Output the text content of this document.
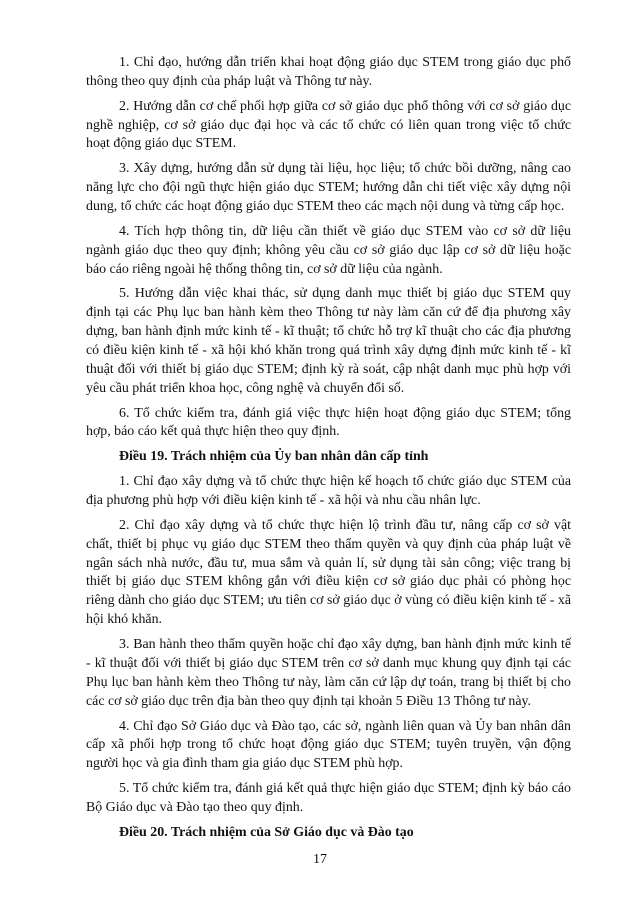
1. Chỉ đạo, hướng dẫn triển khai hoạt động giáo dục STEM trong giáo dục phổ thông theo quy định của pháp luật và Thông tư này.

2. Hướng dẫn cơ chế phối hợp giữa cơ sở giáo dục phổ thông với cơ sở giáo dục nghề nghiệp, cơ sở giáo dục đại học và các tổ chức có liên quan trong việc tổ chức hoạt động giáo dục STEM.

3. Xây dựng, hướng dẫn sử dụng tài liệu, học liệu; tổ chức bồi dưỡng, nâng cao năng lực cho đội ngũ thực hiện giáo dục STEM; hướng dẫn chi tiết việc xây dựng nội dung, tổ chức các hoạt động giáo dục STEM theo các mạch nội dung và từng cấp học.

4. Tích hợp thông tin, dữ liệu cần thiết về giáo dục STEM vào cơ sở dữ liệu ngành giáo dục theo quy định; không yêu cầu cơ sở giáo dục lập cơ sở dữ liệu hoặc báo cáo riêng ngoài hệ thống thông tin, cơ sở dữ liệu của ngành.

5. Hướng dẫn việc khai thác, sử dụng danh mục thiết bị giáo dục STEM quy định tại các Phụ lục ban hành kèm theo Thông tư này làm căn cứ để địa phương xây dựng, ban hành định mức kinh tế - kĩ thuật; tổ chức hỗ trợ kĩ thuật cho các địa phương có điều kiện kinh tế - xã hội khó khăn trong quá trình xây dựng định mức kinh tế - kĩ thuật đối với thiết bị giáo dục STEM; định kỳ rà soát, cập nhật danh mục phù hợp với yêu cầu phát triển khoa học, công nghệ và chuyển đổi số.

6. Tổ chức kiểm tra, đánh giá việc thực hiện hoạt động giáo dục STEM; tổng hợp, báo cáo kết quả thực hiện theo quy định.

Điều 19. Trách nhiệm của Ủy ban nhân dân cấp tỉnh

1. Chỉ đạo xây dựng và tổ chức thực hiện kế hoạch tổ chức giáo dục STEM của địa phương phù hợp với điều kiện kinh tế - xã hội và nhu cầu nhân lực.

2. Chỉ đạo xây dựng và tổ chức thực hiện lộ trình đầu tư, nâng cấp cơ sở vật chất, thiết bị phục vụ giáo dục STEM theo thẩm quyền và quy định của pháp luật về ngân sách nhà nước, đầu tư, mua sắm và quản lí, sử dụng tài sản công; việc trang bị thiết bị giáo dục STEM không gắn với điều kiện cơ sở giáo dục phải có phòng học riêng dành cho giáo dục STEM; ưu tiên cơ sở giáo dục ở vùng có điều kiện kinh tế - xã hội khó khăn.

3. Ban hành theo thẩm quyền hoặc chỉ đạo xây dựng, ban hành định mức kinh tế - kĩ thuật đối với thiết bị giáo dục STEM trên cơ sở danh mục khung quy định tại các Phụ lục ban hành kèm theo Thông tư này, làm căn cứ lập dự toán, trang bị thiết bị cho các cơ sở giáo dục trên địa bàn theo quy định tại khoản 5 Điều 13 Thông tư này.

4. Chỉ đạo Sở Giáo dục và Đào tạo, các sở, ngành liên quan và Ủy ban nhân dân cấp xã phối hợp trong tổ chức hoạt động giáo dục STEM; tuyên truyền, vận động người học và gia đình tham gia giáo dục STEM phù hợp.

5. Tổ chức kiểm tra, đánh giá kết quả thực hiện giáo dục STEM; định kỳ báo cáo Bộ Giáo dục và Đào tạo theo quy định.

Điều 20. Trách nhiệm của Sở Giáo dục và Đào tạo

17
